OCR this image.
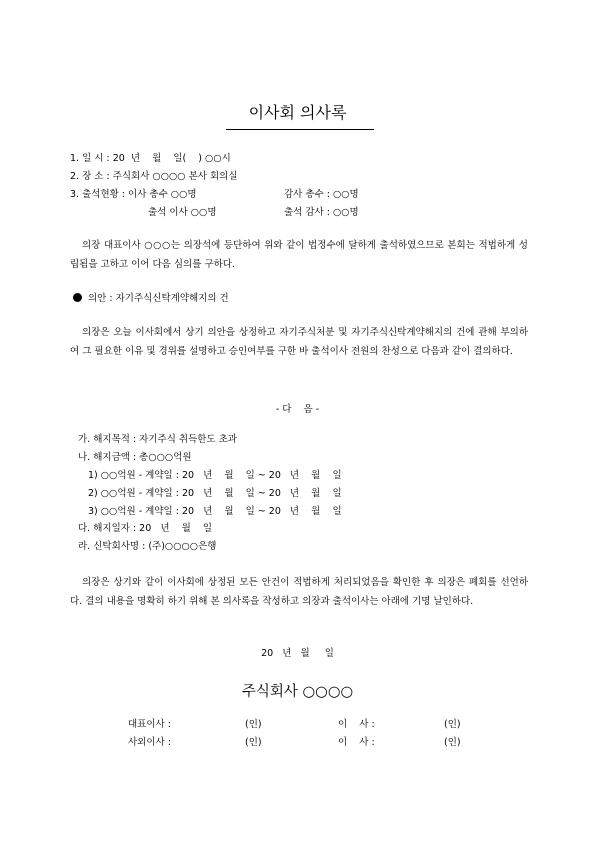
이사회 의사록
1. 일 시 : 20  년    월    일(    ) ○○시
2. 장 소 : 주식회사 ○○○○ 본사 회의실
3. 출석현황 : 이사 총수 ○○명	감사 총수 : ○○명
출석 이사 ○○명	출석 감사 : ○○명
의장 대표이사 ○○○는 의장석에 등단하여 위와 같이 법정수에 달하게 출석하였으므로 본회는 적법하게 성립됨을 고하고 이어 다음 심의를 구하다.
의안 : 자기주식신탁계약해지의 건
의장은 오늘 이사회에서 상기 의안을 상정하고 자기주식처분 및 자기주식신탁계약해지의 건에 관해 부의하여 그 필요한 이유 및 경위를 설명하고 승인여부를 구한 바 출석이사 전원의 찬성으로 다음과 같이 결의하다.
- 다    음 -
가. 해지목적 : 자기주식 취득한도 초과
나. 해지금액 : 총○○○억원
1) ○○억원 - 계약일 : 20   년    월    일 ~ 20   년    월    일
2) ○○억원 - 계약일 : 20   년    월    일 ~ 20   년    월    일
3) ○○억원 - 계약일 : 20   년    월    일 ~ 20   년    월    일
다. 해지일자 : 20   년    월    일
라. 신탁회사명 : (주)○○○○은행
의장은 상기와 같이 이사회에 상정된 모든 안건이 적법하게 처리되었음을 확인한 후 의장은 폐회를 선언하다. 결의 내용을 명확히 하기 위해 본 의사록을 작성하고 의장과 출석이사는 아래에 기명 날인하다.
20   년   월     일
주식회사 ○○○○
대표이사 :	(인)	이    사 :	(인)
사외이사 :	(인)	이    사 :	(인)
